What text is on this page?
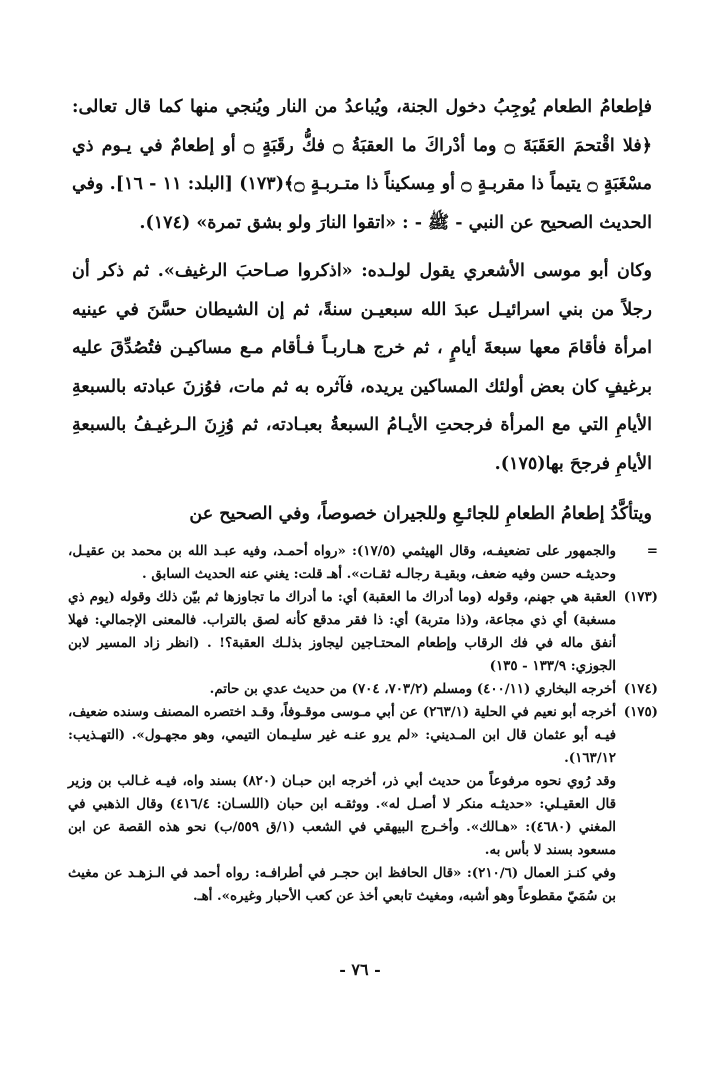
فإطعامُ الطعام يُوجِبُ دخول الجنة، ويُباعدُ من النار ويُنجي منها كما قال تعالى: ﴿فلا اقْتحمَ العَقَبَةَ ۝ وما أدْراكَ ما العقبَةُ ۝ فكُّ رقَبَةٍ ۝ أو إطعامٌ في يـوم ذي مسْغَبَةٍ ۝ يتيماً ذا مقربـةٍ ۝ أو مِسكيناً ذا متـربـةٍ ۝﴾(١٧٣) [البلد: ١١ - ١٦]. وفي الحديث الصحيح عن النبي - ﷺ - : «اتقوا النارَ ولو بشق تمرة» (١٧٤).

وكان أبو موسى الأشعري يقول لولـده: «اذكروا صـاحبَ الرغيف». ثم ذكر أن رجلاً من بني اسرائيـل عبدَ الله سبعيـن سنةً، ثم إن الشيطان حسَّنَ في عينيه امرأة فأقامَ معها سبعةَ أيامٍ ، ثم خرج هـاربـاً فـأقام مـع مساكيـن فتُصُدِّقَ عليه برغيفٍ كان بعض أولئك المساكين يريده، فآثره به ثم مات، فوُزنَ عبادته بالسبعةِ الأيامِ التي مع المرأة فرجحتِ الأيـامُ السبعةُ بعبـادته، ثم وُزِنَ الـرغيـفُ بالسبعةِ الأيامِ فرجحَ بها(١٧٥).

ويتأكَّدُ إطعامُ الطعامِ للجائـعِ وللجيران خصوصاً، وفي الصحيح عن

=
والجمهور على تضعيفـه، وقال الهيثمي (١٧/٥): «رواه أحمـد، وفيه عبـد الله بن محمد بن عقيـل، وحديثـه حسن وفيه ضعف، وبقيـة رجالـه ثقـات». أهـ قلت: يغني عنه الحديث السابق .
(١٧٣)
العقبة هي جهنم، وقوله (وما أدراك ما العقبة) أي: ما أدراك ما تجاوزها ثم بيّن ذلك وقوله (يوم ذي مسغبة) أي ذي مجاعة، و(ذا متربة) أي: ذا فقر مدقع كأنه لصق بالتراب. فالمعنى الإجمالي: فهلا أنفق ماله في فك الرقاب وإطعام المحتـاجين ليجاوز بذلـك العقبة؟! . (انظر زاد المسير لابن الجوزي: ١٣٣/٩ - ١٣٥)
(١٧٤)
أخرجه البخاري (٤٠٠/١١) ومسلم (٧٠٣/٢، ٧٠٤) من حديث عدي بن حاتم.
(١٧٥)
أخرجه أبو نعيم في الحلية (٢٦٣/١) عن أبي مـوسى موقـوفاً، وقـد اختصره المصنف وسنده ضعيف، فيـه أبو عثمان قال ابن المـديني: «لم يرو عنـه غير سليـمان التيمي، وهو مجهـول». (التهـذيب: ١٦٣/١٢).
وقد رُوي نحوه مرفوعاً من حديث أبي ذر، أخرجه ابن حبـان (٨٢٠) بسند واه، فيـه غـالب بن وزير قال العقيـلي: «حديثـه منكر لا أصـل له». ووثقـه ابن حبان (اللسـان: ٤١٦/٤) وقال الذهبي في المغني (٤٦٨٠): «هـالك». وأخـرج البيهقي في الشعب (١/ق ٥٥٩/ب) نحو هذه القصة عن ابن مسعود بسند لا بأس به.
وفي كنـز العمال (٢١٠/٦): «قال الحافظ ابن حجـر في أطرافـه: رواه أحمد في الـزهـد عن مغيث بن سُمَيّ مقطوعاً وهو أشبه، ومغيث تابعي أخذ عن كعب الأحبار وغيره». أهـ.
- ٧٦ -
